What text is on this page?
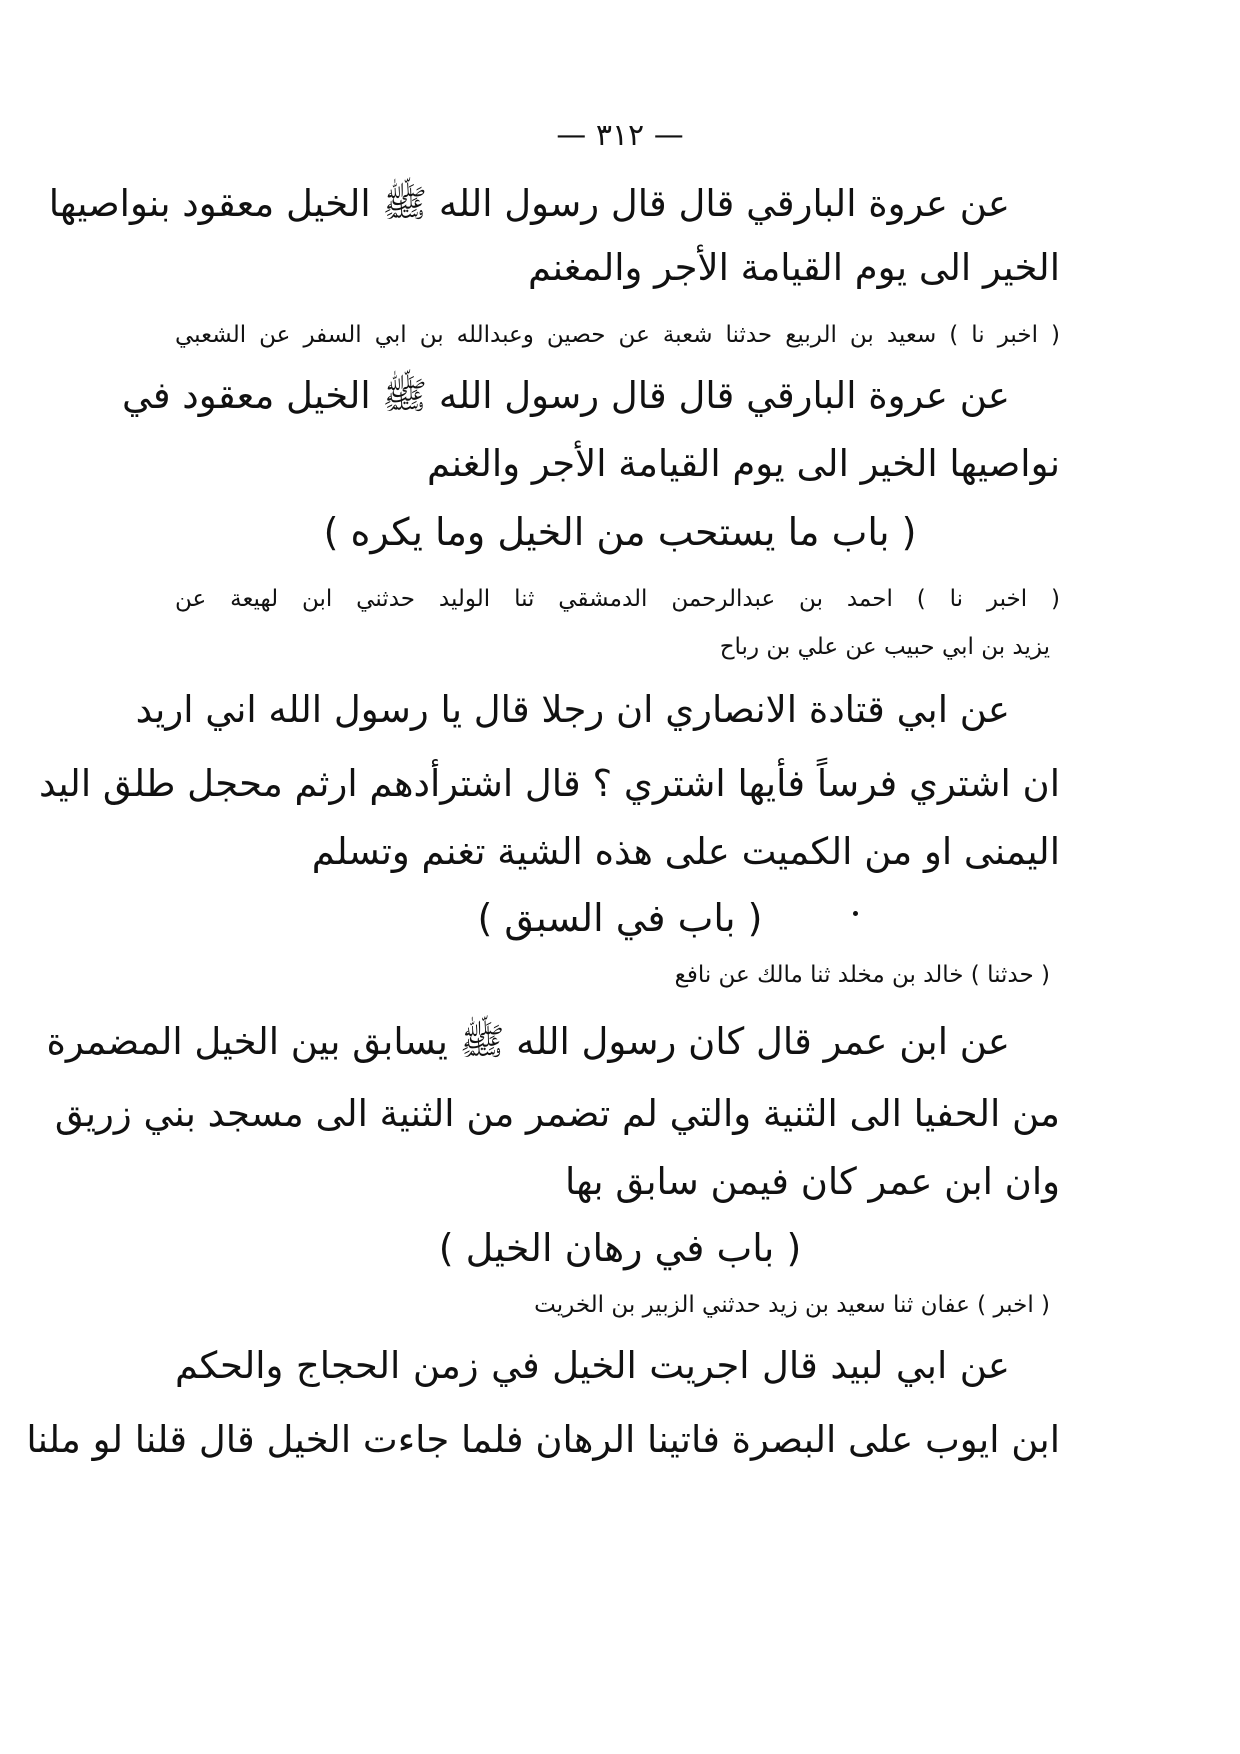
— ٣١٢ —
عن عروة البارقي قال قال رسول الله ﷺ الخيل معقود بنواصيها
الخير الى يوم القيامة الأجر والمغنم
( اخبر نا ) سعيد بن الربيع حدثنا شعبة عن حصين وعبدالله بن ابي السفر عن الشعبي
عن عروة البارقي قال قال رسول الله ﷺ الخيل معقود في
نواصيها الخير الى يوم القيامة الأجر والغنم
( باب ما يستحب من الخيل وما يكره )
( اخبر نا ) احمد بن عبدالرحمن الدمشقي ثنا الوليد حدثني ابن لهيعة عن
يزيد بن ابي حبيب عن علي بن رباح
عن ابي قتادة الانصاري ان رجلا قال يا رسول الله اني اريد
ان اشتري فرساً فأيها اشتري ؟ قال اشترأدهم ارثم محجل طلق اليد
اليمنى او من الكميت على هذه الشية تغنم وتسلم
( باب في السبق )
( حدثنا ) خالد بن مخلد ثنا مالك عن نافع
عن ابن عمر قال كان رسول الله ﷺ يسابق بين الخيل المضمرة
من الحفيا الى الثنية والتي لم تضمر من الثنية الى مسجد بني زريق
وان ابن عمر كان فيمن سابق بها
( باب في رهان الخيل )
( اخبر ) عفان ثنا سعيد بن زيد حدثني الزبير بن الخريت
عن ابي لبيد قال اجريت الخيل في زمن الحجاج والحكم
ابن ايوب على البصرة فاتينا الرهان فلما جاءت الخيل قال قلنا لو ملنا
